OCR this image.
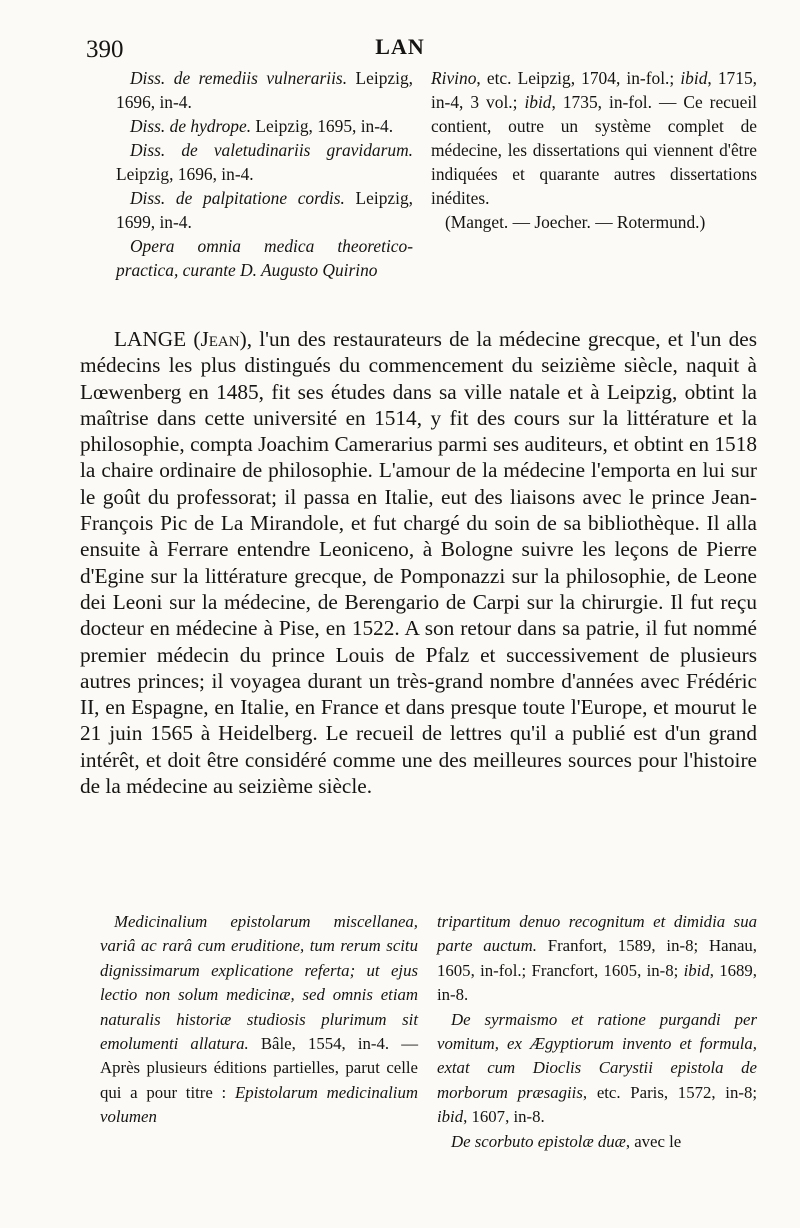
390	LAN

Diss. de remediis vulnerariis. Leipzig, 1696, in-4.

Diss. de hydrope. Leipzig, 1695, in-4.

Diss. de valetudinariis gravidarum. Leipzig, 1696, in-4.

Diss. de palpitatione cordis. Leipzig, 1699, in-4.

Opera omnia medica theoretico-practica, curante D. Augusto Quirino

Rivino, etc. Leipzig, 1704, in-fol.; ibid, 1715, in-4, 3 vol.; ibid, 1735, in-fol. — Ce recueil contient, outre un système complet de médecine, les dissertations qui viennent d'être indiquées et quarante autres dissertations inédites.

(Manget. — Joecher. — Rotermund.)

LANGE (Jean), l'un des restaurateurs de la médecine grecque, et l'un des médecins les plus distingués du commencement du seizième siècle, naquit à Lœwenberg en 1485, fit ses études dans sa ville natale et à Leipzig, obtint la maîtrise dans cette université en 1514, y fit des cours sur la littérature et la philosophie, compta Joachim Camerarius parmi ses auditeurs, et obtint en 1518 la chaire ordinaire de philosophie. L'amour de la médecine l'emporta en lui sur le goût du professorat; il passa en Italie, eut des liaisons avec le prince Jean-François Pic de La Mirandole, et fut chargé du soin de sa bibliothèque. Il alla ensuite à Ferrare entendre Leoniceno, à Bologne suivre les leçons de Pierre d'Egine sur la littérature grecque, de Pomponazzi sur la philosophie, de Leone dei Leoni sur la médecine, de Berengario de Carpi sur la chirurgie. Il fut reçu docteur en médecine à Pise, en 1522. A son retour dans sa patrie, il fut nommé premier médecin du prince Louis de Pfalz et successivement de plusieurs autres princes; il voyagea durant un très-grand nombre d'années avec Frédéric II, en Espagne, en Italie, en France et dans presque toute l'Europe, et mourut le 21 juin 1565 à Heidelberg. Le recueil de lettres qu'il a publié est d'un grand intérêt, et doit être considéré comme une des meilleures sources pour l'histoire de la médecine au seizième siècle.

Medicinalium epistolarum miscellanea, variâ ac rarâ cum eruditione, tum rerum scitu dignissimarum explicatione referta; ut ejus lectio non solum medicinæ, sed omnis etiam naturalis historiæ studiosis plurimum sit emolumenti allatura. Bâle, 1554, in-4. — Après plusieurs éditions partielles, parut celle qui a pour titre : Epistolarum medicinalium volumen

tripartitum denuo recognitum et dimidia sua parte auctum. Franfort, 1589, in-8; Hanau, 1605, in-fol.; Francfort, 1605, in-8; ibid, 1689, in-8.

De syrmaismo et ratione purgandi per vomitum, ex Ægyptiorum invento et formula, extat cum Dioclis Carystii epistola de morborum præsagiis, etc. Paris, 1572, in-8; ibid, 1607, in-8.

De scorbuto epistolæ duæ, avec le
